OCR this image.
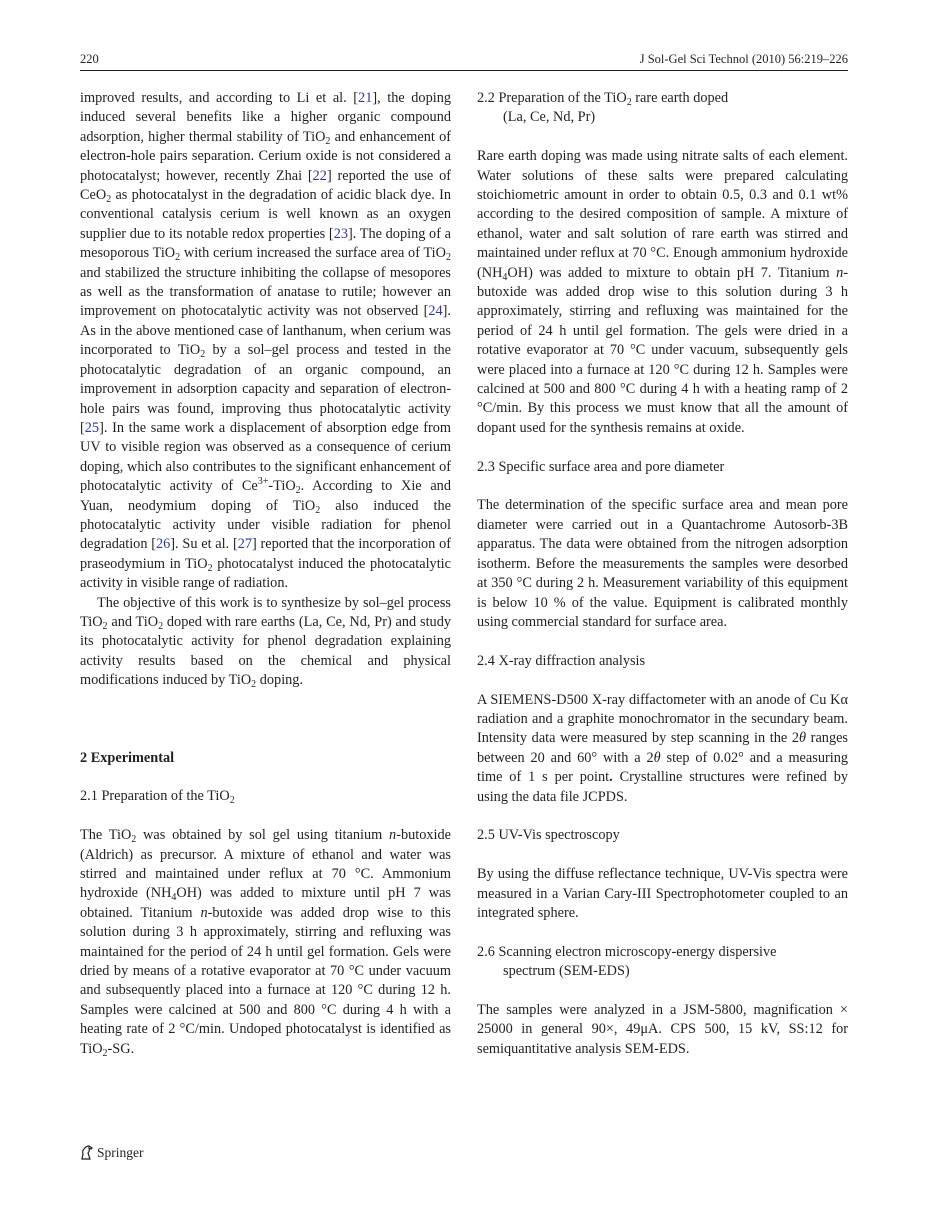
220	J Sol-Gel Sci Technol (2010) 56:219–226

improved results, and according to Li et al. [21], the doping induced several benefits like a higher organic compound adsorption, higher thermal stability of TiO$_2$ and enhancement of electron-hole pairs separation. Cerium oxide is not considered a photocatalyst; however, recently Zhai [22] reported the use of CeO$_2$ as photocatalyst in the degradation of acidic black dye. In conventional catalysis cerium is well known as an oxygen supplier due to its notable redox properties [23]. The doping of a mesoporous TiO$_2$ with cerium increased the surface area of TiO$_2$ and stabilized the structure inhibiting the collapse of mesopores as well as the transformation of anatase to rutile; however an improvement on photocatalytic activity was not observed [24]. As in the above mentioned case of lanthanum, when cerium was incorporated to TiO$_2$ by a sol–gel process and tested in the photocatalytic degradation of an organic compound, an improvement in adsorption capacity and separation of electron-hole pairs was found, improving thus photocatalytic activity [25]. In the same work a displacement of absorption edge from UV to visible region was observed as a consequence of cerium doping, which also contributes to the significant enhancement of photocatalytic activity of $Ce^{3+}-TiO_2$. According to Xie and Yuan, neodymium doping of TiO$_2$ also induced the photocatalytic activity under visible radiation for phenol degradation [26]. Su et al. [27] reported that the incorporation of praseodymium in TiO$_2$ photocatalyst induced the photocatalytic activity in visible range of radiation.

The objective of this work is to synthesize by sol–gel process TiO$_2$ and TiO$_2$ doped with rare earths (La, Ce, Nd, Pr) and study its photocatalytic activity for phenol degradation explaining activity results based on the chemical and physical modifications induced by TiO$_2$ doping.

2 Experimental

2.1 Preparation of the TiO$_2$

The TiO$_2$ was obtained by sol gel using titanium n-butoxide (Aldrich) as precursor. A mixture of ethanol and water was stirred and maintained under reflux at 70 °C. Ammonium hydroxide $(NH_4OH)$ was added to mixture until pH 7 was obtained. Titanium n-butoxide was added drop wise to this solution during 3 h approximately, stirring and refluxing was maintained for the period of 24 h until gel formation. Gels were dried by means of a rotative evaporator at 70 °C under vacuum and subsequently placed into a furnace at 120 °C during 12 h. Samples were calcined at 500 and 800 °C during 4 h with a heating rate of 2 °C/min. Undoped photocatalyst is identified as TiO$_2$-SG.

2.2 Preparation of the TiO$_2$ rare earth doped
(La, Ce, Nd, Pr)

Rare earth doping was made using nitrate salts of each element. Water solutions of these salts were prepared calculating stoichiometric amount in order to obtain 0.5, 0.3 and 0.1 wt% according to the desired composition of sample. A mixture of ethanol, water and salt solution of rare earth was stirred and maintained under reflux at 70 °C. Enough ammonium hydroxide $(NH_4OH)$ was added to mixture to obtain pH 7. Titanium n-butoxide was added drop wise to this solution during 3 h approximately, stirring and refluxing was maintained for the period of 24 h until gel formation. The gels were dried in a rotative evaporator at 70 °C under vacuum, subsequently gels were placed into a furnace at 120 °C during 12 h. Samples were calcined at 500 and 800 °C during 4 h with a heating ramp of 2 °C/min. By this process we must know that all the amount of dopant used for the synthesis remains at oxide.

2.3 Specific surface area and pore diameter

The determination of the specific surface area and mean pore diameter were carried out in a Quantachrome Autosorb-3B apparatus. The data were obtained from the nitrogen adsorption isotherm. Before the measurements the samples were desorbed at 350 °C during 2 h. Measurement variability of this equipment is below 10 % of the value. Equipment is calibrated monthly using commercial standard for surface area.

2.4 X-ray diffraction analysis

A SIEMENS-D500 X-ray diffactometer with an anode of Cu Kα radiation and a graphite monochromator in the secundary beam. Intensity data were measured by step scanning in the 2θ ranges between 20 and 60° with a 2θ step of 0.02° and a measuring time of 1 s per point. Crystalline structures were refined by using the data file JCPDS.

2.5 UV-Vis spectroscopy

By using the diffuse reflectance technique, UV-Vis spectra were measured in a Varian Cary-III Spectrophotometer coupled to an integrated sphere.

2.6 Scanning electron microscopy-energy dispersive
spectrum (SEM-EDS)

The samples were analyzed in a JSM-5800, magnification × 25000 in general 90×, 49μA. CPS 500, 15 kV, SS:12 for semiquantitative analysis SEM-EDS.

Springer
